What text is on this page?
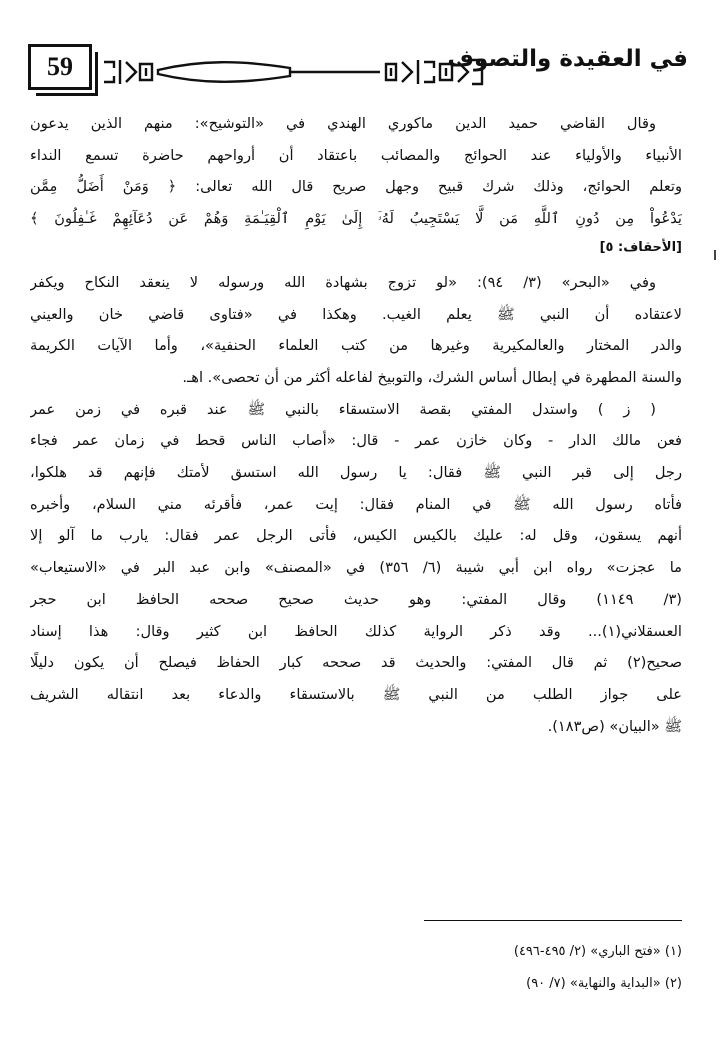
59	في العقيدة والتصوف
وقال القاضي حميد الدين ماكوري الهندي في «التوشيح»: منهم الذين يدعون
الأنبياء والأولياء عند الحوائج والمصائب باعتقاد أن أرواحهم حاضرة تسمع النداء
وتعلم الحوائج، وذلك شرك قبيح وجهل صريح قال الله تعالى: ﴿ وَمَنْ أَضَلُّ مِمَّن
يَدْعُواْ مِن دُونِ ٱللَّهِ مَن لَّا يَسْتَجِيبُ لَهُۥٓ إِلَىٰ يَوْمِ ٱلْقِيَـٰمَةِ وَهُمْ عَن دُعَآئِهِمْ غَـٰفِلُونَ ﴾
[الأحقاف: ٥]
وفي «البحر» (٣/ ٩٤): «لو تزوج بشهادة الله ورسوله لا ينعقد النكاح ويكفر
لاعتقاده أن النبي ﷺ يعلم الغيب. وهكذا في «فتاوى قاضي خان والعيني
والدر المختار والعالمكيرية وغيرها من كتب العلماء الحنفية»، وأما الآيات الكريمة
والسنة المطهرة في إبطال أساس الشرك، والتوبيخ لفاعله أكثر من أن تحصى». اهـ.
( ز ) واستدل المفتي بقصة الاستسقاء بالنبي ﷺ عند قبره في زمن عمر
فعن مالك الدار - وكان خازن عمر - قال: «أصاب الناس قحط في زمان عمر فجاء
رجل إلى قبر النبي ﷺ فقال: يا رسول الله استسق لأمتك فإنهم قد هلكوا،
فأتاه رسول الله ﷺ في المنام فقال: إيت عمر، فأقرئه مني السلام، وأخبره
أنهم يسقون، وقل له: عليك بالكيس الكيس، فأتى الرجل عمر فقال: يارب ما آلو إلا
ما عجزت» رواه ابن أبي شيبة (٦/ ٣٥٦) في «المصنف» وابن عبد البر في «الاستيعاب»
(٣/ ١١٤٩) وقال المفتي: وهو حديث صحيح صححه الحافظ ابن حجر
العسقلاني(١)... وقد ذكر الرواية كذلك الحافظ ابن كثير وقال: هذا إسناد
صحيح(٢) ثم قال المفتي: والحديث قد صححه كبار الحفاظ فيصلح أن يكون دليلًا
على جواز الطلب من النبي ﷺ بالاستسقاء والدعاء بعد انتقاله الشريف
ﷺ «البيان» (ص١٨٣).
(١) «فتح الباري» (٢/ ٤٩٥-٤٩٦)
(٢) «البداية والنهاية» (٧/ ٩٠)
